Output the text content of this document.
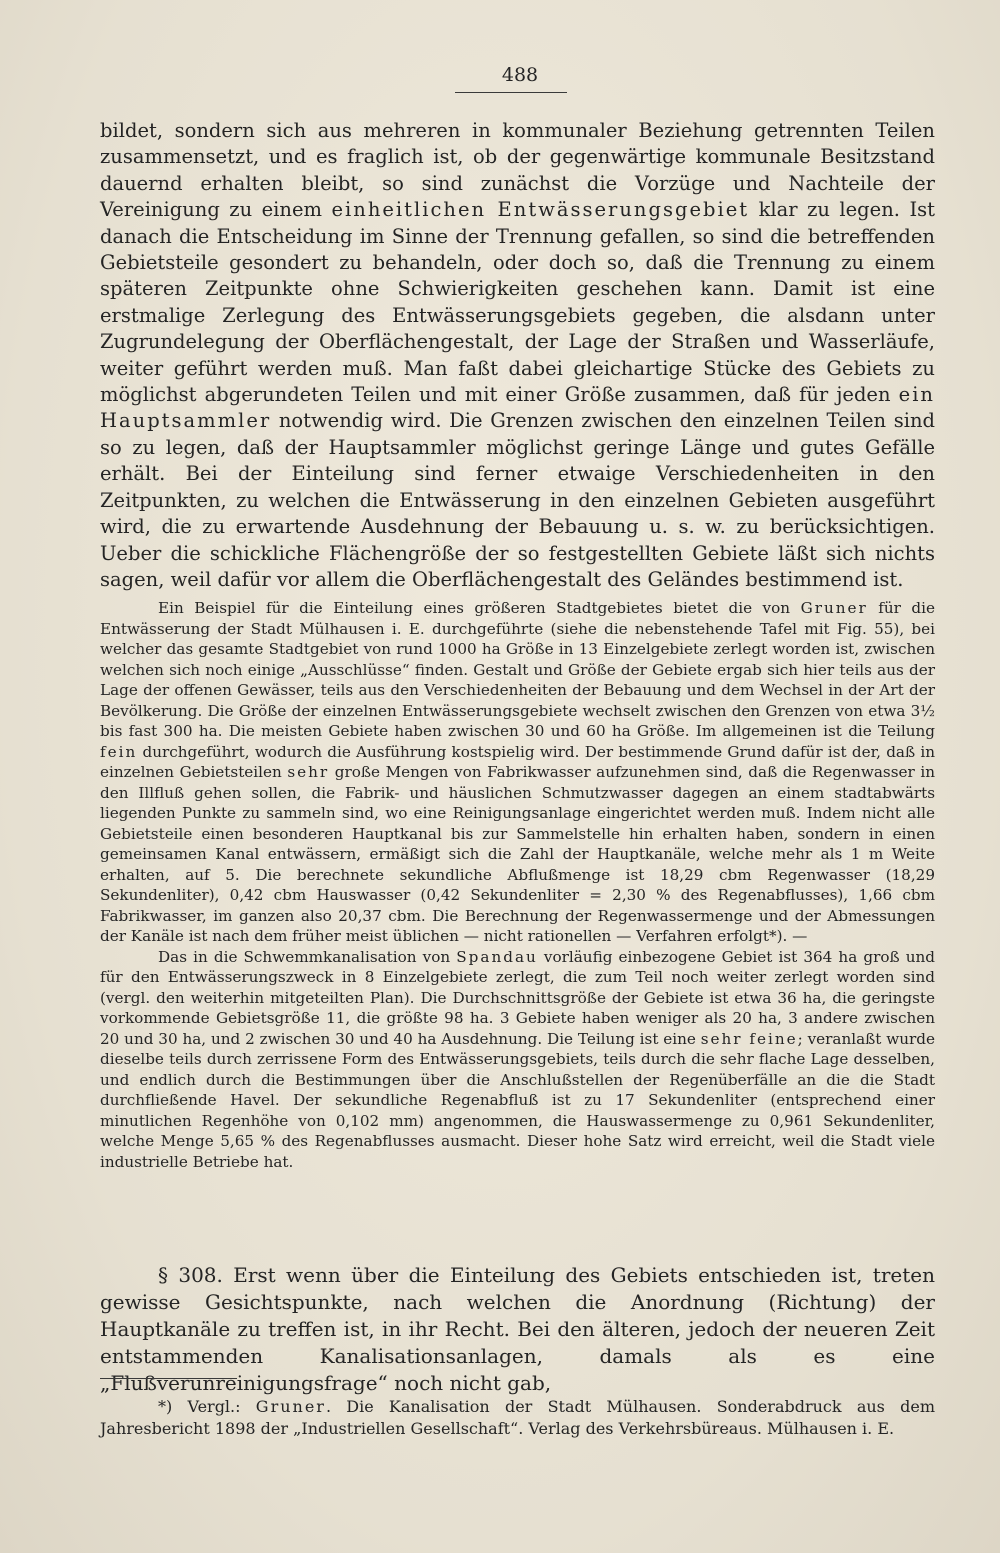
488

bildet, sondern sich aus mehreren in kommunaler Beziehung getrennten Teilen zusammensetzt, und es fraglich ist, ob der gegenwärtige kommunale Besitzstand dauernd erhalten bleibt, so sind zunächst die Vorzüge und Nachteile der Vereinigung zu einem einheitlichen Entwässerungsgebiet klar zu legen. Ist danach die Entscheidung im Sinne der Trennung gefallen, so sind die betreffenden Gebietsteile gesondert zu behandeln, oder doch so, daß die Trennung zu einem späteren Zeitpunkte ohne Schwierigkeiten geschehen kann. Damit ist eine erstmalige Zerlegung des Entwässerungsgebiets gegeben, die alsdann unter Zugrundelegung der Oberflächengestalt, der Lage der Straßen und Wasserläufe, weiter geführt werden muß. Man faßt dabei gleichartige Stücke des Gebiets zu möglichst abgerundeten Teilen und mit einer Größe zusammen, daß für jeden ein Hauptsammler notwendig wird. Die Grenzen zwischen den einzelnen Teilen sind so zu legen, daß der Hauptsammler möglichst geringe Länge und gutes Gefälle erhält. Bei der Einteilung sind ferner etwaige Verschiedenheiten in den Zeitpunkten, zu welchen die Entwässerung in den einzelnen Gebieten ausgeführt wird, die zu erwartende Ausdehnung der Bebauung u. s. w. zu berücksichtigen. Ueber die schickliche Flächengröße der so festgestellten Gebiete läßt sich nichts sagen, weil dafür vor allem die Oberflächengestalt des Geländes bestimmend ist.

Ein Beispiel für die Einteilung eines größeren Stadtgebietes bietet die von Gruner für die Entwässerung der Stadt Mülhausen i. E. durchgeführte (siehe die nebenstehende Tafel mit Fig. 55), bei welcher das gesamte Stadtgebiet von rund 1000 ha Größe in 13 Einzelgebiete zerlegt worden ist, zwischen welchen sich noch einige „Ausschlüsse“ finden. Gestalt und Größe der Gebiete ergab sich hier teils aus der Lage der offenen Gewässer, teils aus den Verschiedenheiten der Bebauung und dem Wechsel in der Art der Bevölkerung. Die Größe der einzelnen Entwässerungsgebiete wechselt zwischen den Grenzen von etwa 3½ bis fast 300 ha. Die meisten Gebiete haben zwischen 30 und 60 ha Größe. Im allgemeinen ist die Teilung fein durchgeführt, wodurch die Ausführung kostspielig wird. Der bestimmende Grund dafür ist der, daß in einzelnen Gebietsteilen sehr große Mengen von Fabrikwasser aufzunehmen sind, daß die Regenwasser in den Illfluß gehen sollen, die Fabrik- und häuslichen Schmutzwasser dagegen an einem stadtabwärts liegenden Punkte zu sammeln sind, wo eine Reinigungsanlage eingerichtet werden muß. Indem nicht alle Gebietsteile einen besonderen Hauptkanal bis zur Sammelstelle hin erhalten haben, sondern in einen gemeinsamen Kanal entwässern, ermäßigt sich die Zahl der Hauptkanäle, welche mehr als 1 m Weite erhalten, auf 5. Die berechnete sekundliche Abflußmenge ist 18,29 cbm Regenwasser (18,29 Sekundenliter), 0,42 cbm Hauswasser (0,42 Sekundenliter = 2,30 % des Regenabflusses), 1,66 cbm Fabrikwasser, im ganzen also 20,37 cbm. Die Berechnung der Regenwassermenge und der Abmessungen der Kanäle ist nach dem früher meist üblichen — nicht rationellen — Verfahren erfolgt*). —

Das in die Schwemmkanalisation von Spandau vorläufig einbezogene Gebiet ist 364 ha groß und für den Entwässerungszweck in 8 Einzelgebiete zerlegt, die zum Teil noch weiter zerlegt worden sind (vergl. den weiterhin mitgeteilten Plan). Die Durchschnittsgröße der Gebiete ist etwa 36 ha, die geringste vorkommende Gebietsgröße 11, die größte 98 ha. 3 Gebiete haben weniger als 20 ha, 3 andere zwischen 20 und 30 ha, und 2 zwischen 30 und 40 ha Ausdehnung. Die Teilung ist eine sehr feine; veranlaßt wurde dieselbe teils durch zerrissene Form des Entwässerungsgebiets, teils durch die sehr flache Lage desselben, und endlich durch die Bestimmungen über die Anschlußstellen der Regenüberfälle an die die Stadt durchfließende Havel. Der sekundliche Regenabfluß ist zu 17 Sekundenliter (entsprechend einer minutlichen Regenhöhe von 0,102 mm) angenommen, die Hauswassermenge zu 0,961 Sekundenliter, welche Menge 5,65 % des Regenabflusses ausmacht. Dieser hohe Satz wird erreicht, weil die Stadt viele industrielle Betriebe hat.

§ 308. Erst wenn über die Einteilung des Gebiets entschieden ist, treten gewisse Gesichtspunkte, nach welchen die Anordnung (Richtung) der Hauptkanäle zu treffen ist, in ihr Recht. Bei den älteren, jedoch der neueren Zeit entstammenden Kanalisationsanlagen, damals als es eine „Flußverunreinigungsfrage“ noch nicht gab,

*) Vergl.: Gruner. Die Kanalisation der Stadt Mülhausen. Sonderabdruck aus dem Jahresbericht 1898 der „Industriellen Gesellschaft“. Verlag des Verkehrsbüreaus. Mülhausen i. E.
